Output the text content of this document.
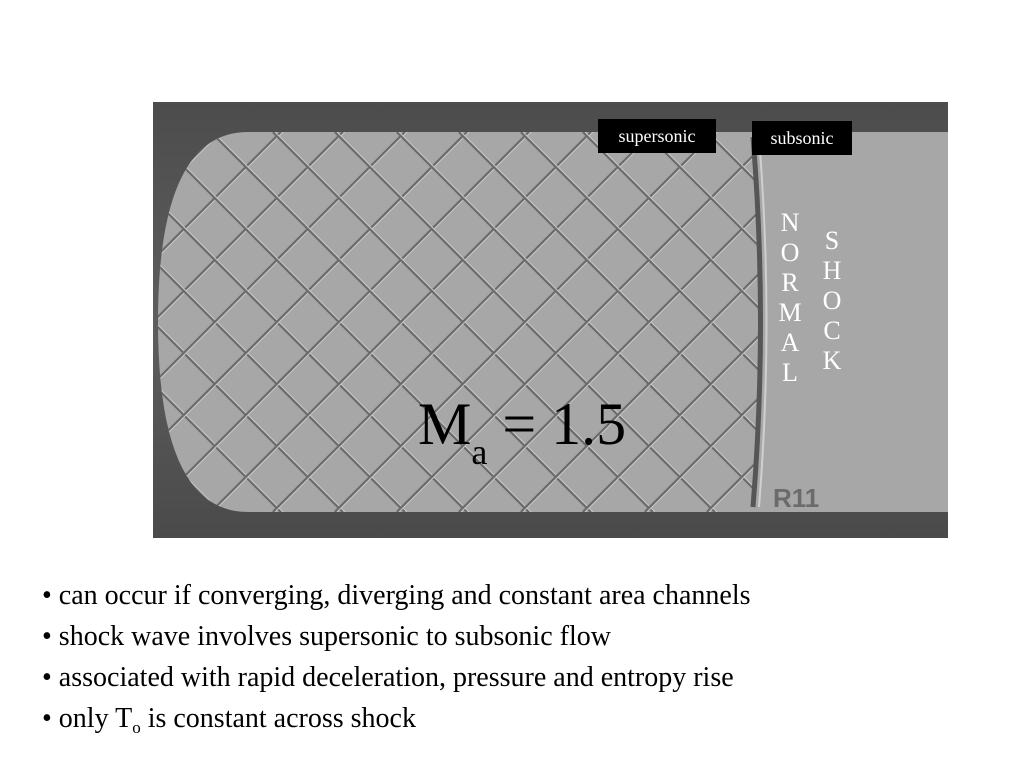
R11
supersonic	subsonic
NORMAL
SHOCK
$M_a = 1.5$
• can occur if converging, diverging and constant area channels
• shock wave involves supersonic to subsonic flow
• associated with rapid deceleration, pressure and entropy rise
• only $T_o$ is constant across shock
